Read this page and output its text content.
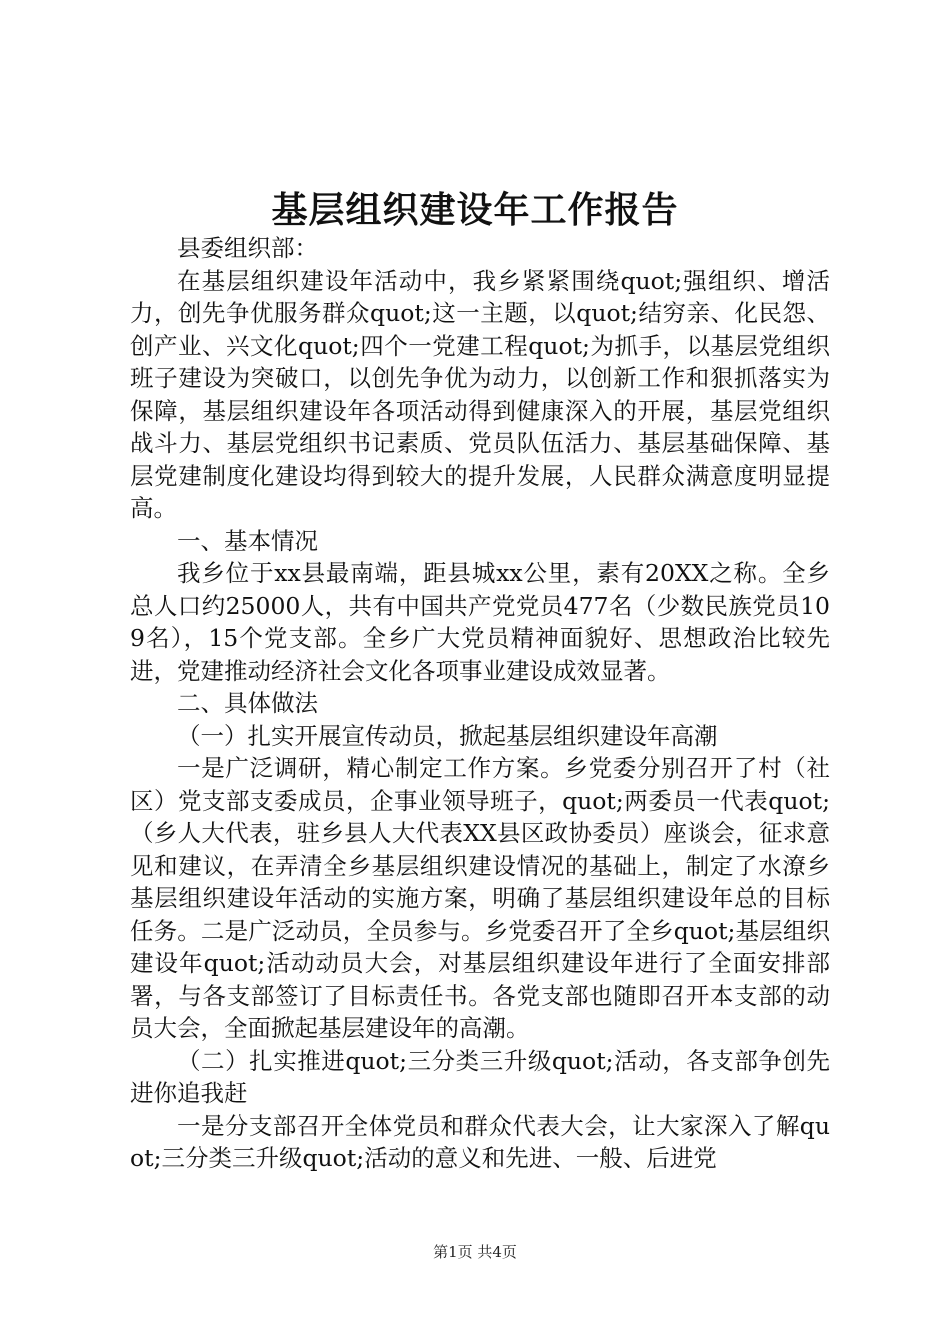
基层组织建设年工作报告

县委组织部：

在基层组织建设年活动中，我乡紧紧围绕quot;强组织、增活力，创先争优服务群众quot;这一主题，以quot;结穷亲、化民怨、创产业、兴文化quot;四个一党建工程quot;为抓手，以基层党组织班子建设为突破口，以创先争优为动力，以创新工作和狠抓落实为保障，基层组织建设年各项活动得到健康深入的开展，基层党组织战斗力、基层党组织书记素质、党员队伍活力、基层基础保障、基层党建制度化建设均得到较大的提升发展，人民群众满意度明显提高。

一、基本情况

我乡位于xx县最南端，距县城xx公里，素有20XX之称。全乡总人口约25000人，共有中国共产党党员477名（少数民族党员109名），15个党支部。全乡广大党员精神面貌好、思想政治比较先进，党建推动经济社会文化各项事业建设成效显著。

二、具体做法

（一）扎实开展宣传动员，掀起基层组织建设年高潮

一是广泛调研，精心制定工作方案。乡党委分别召开了村（社区）党支部支委成员，企事业领导班子，quot;两委员一代表quot;（乡人大代表，驻乡县人大代表XX县区政协委员）座谈会，征求意见和建议，在弄清全乡基层组织建设情况的基础上，制定了水潦乡基层组织建设年活动的实施方案，明确了基层组织建设年总的目标任务。二是广泛动员，全员参与。乡党委召开了全乡quot;基层组织建设年quot;活动动员大会，对基层组织建设年进行了全面安排部署，与各支部签订了目标责任书。各党支部也随即召开本支部的动员大会，全面掀起基层建设年的高潮。

（二）扎实推进quot;三分类三升级quot;活动，各支部争创先进你追我赶

一是分支部召开全体党员和群众代表大会，让大家深入了解quot;三分类三升级quot;活动的意义和先进、一般、后进党

第1页 共4页
